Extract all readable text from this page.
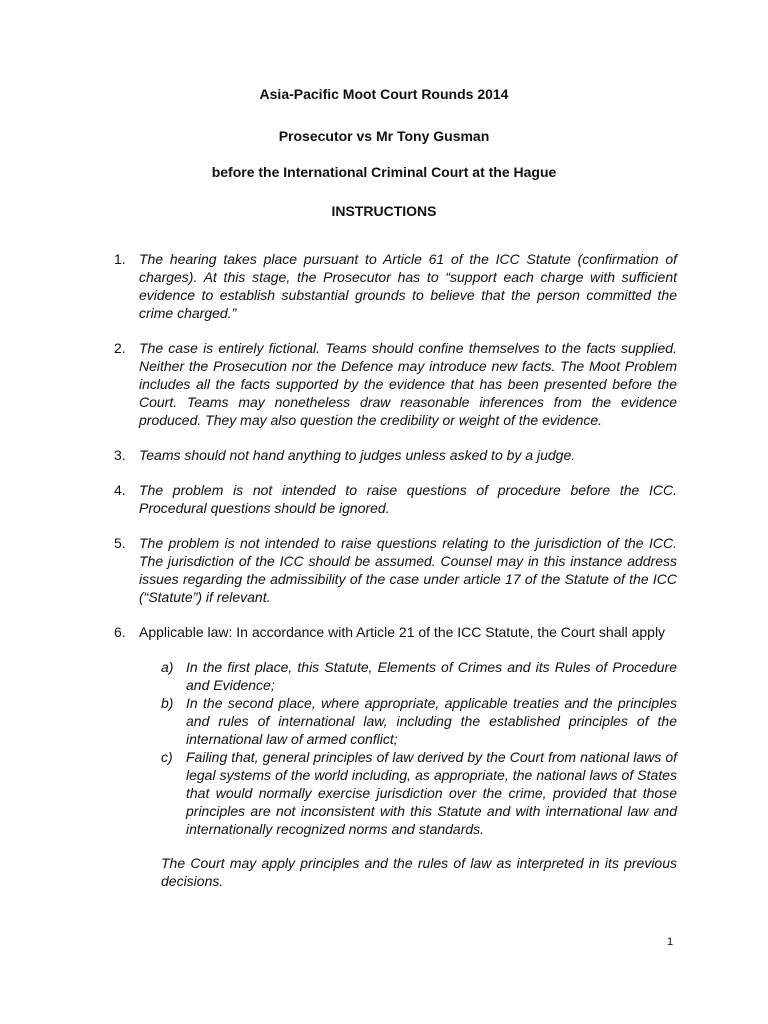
Asia-Pacific Moot Court Rounds 2014

Prosecutor vs Mr Tony Gusman

before the International Criminal Court at the Hague

INSTRUCTIONS

1. The hearing takes place pursuant to Article 61 of the ICC Statute (confirmation of charges). At this stage, the Prosecutor has to “support each charge with sufficient evidence to establish substantial grounds to believe that the person committed the crime charged.”
2. The case is entirely fictional. Teams should confine themselves to the facts supplied. Neither the Prosecution nor the Defence may introduce new facts. The Moot Problem includes all the facts supported by the evidence that has been presented before the Court. Teams may nonetheless draw reasonable inferences from the evidence produced. They may also question the credibility or weight of the evidence.
3. Teams should not hand anything to judges unless asked to by a judge.
4. The problem is not intended to raise questions of procedure before the ICC. Procedural questions should be ignored.
5. The problem is not intended to raise questions relating to the jurisdiction of the ICC. The jurisdiction of the ICC should be assumed. Counsel may in this instance address issues regarding the admissibility of the case under article 17 of the Statute of the ICC (“Statute”) if relevant.
6. Applicable law: In accordance with Article 21 of the ICC Statute, the Court shall apply
a) In the first place, this Statute, Elements of Crimes and its Rules of Procedure and Evidence;
b) In the second place, where appropriate, applicable treaties and the principles and rules of international law, including the established principles of the international law of armed conflict;
c) Failing that, general principles of law derived by the Court from national laws of legal systems of the world including, as appropriate, the national laws of States that would normally exercise jurisdiction over the crime, provided that those principles are not inconsistent with this Statute and with international law and internationally recognized norms and standards.

The Court may apply principles and the rules of law as interpreted in its previous decisions.

1
